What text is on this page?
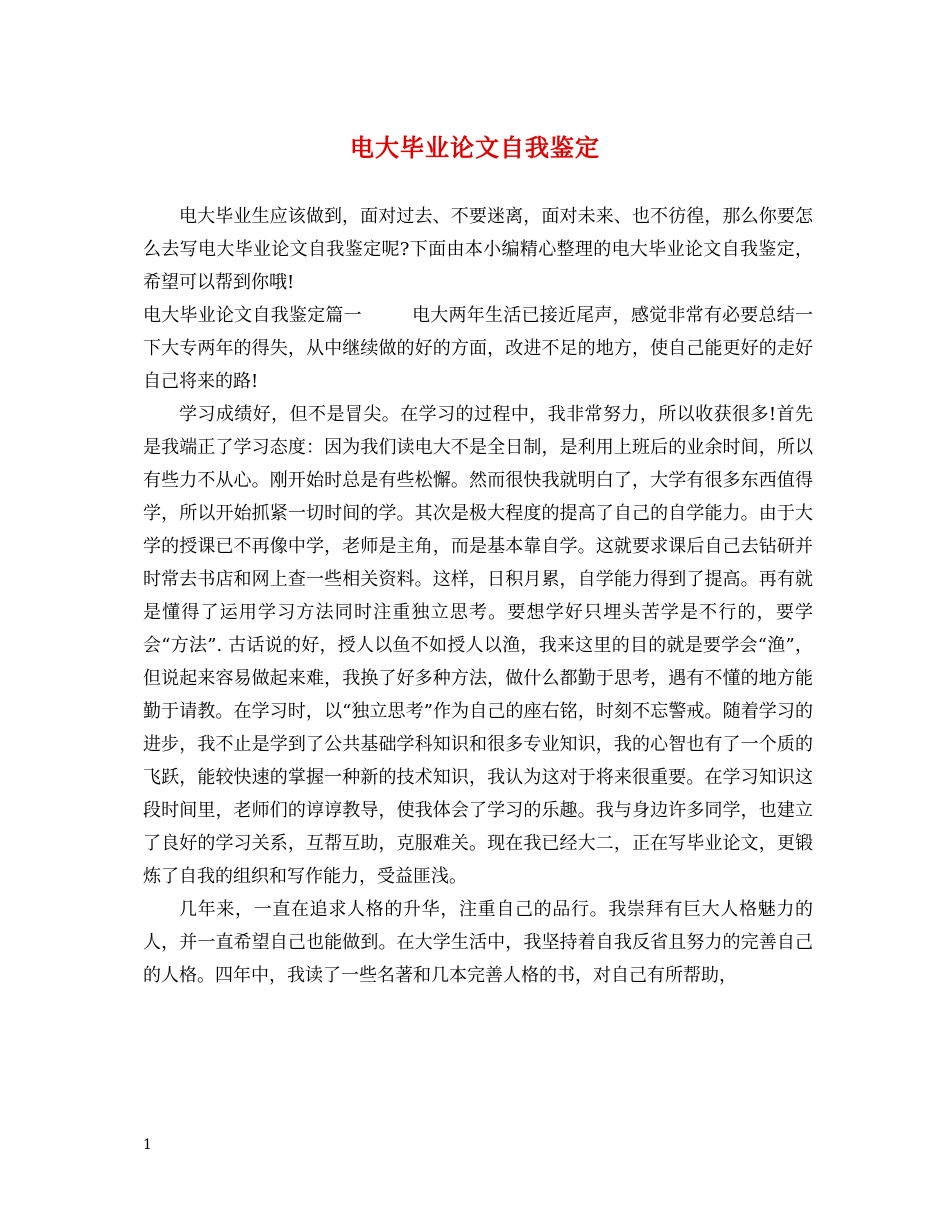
电大毕业论文自我鉴定

电大毕业生应该做到，面对过去、不要迷离，面对未来、也不彷徨，那么你要怎么去写电大毕业论文自我鉴定呢?下面由本小编精心整理的电大毕业论文自我鉴定，希望可以帮到你哦!

电大毕业论文自我鉴定篇一	电大两年生活已接近尾声，感觉非常有必要总结一下大专两年的得失，从中继续做的好的方面，改进不足的地方，使自己能更好的走好自己将来的路!

学习成绩好，但不是冒尖。在学习的过程中，我非常努力，所以收获很多!首先是我端正了学习态度：因为我们读电大不是全日制，是利用上班后的业余时间，所以有些力不从心。刚开始时总是有些松懈。然而很快我就明白了，大学有很多东西值得学，所以开始抓紧一切时间的学。其次是极大程度的提高了自己的自学能力。由于大学的授课已不再像中学，老师是主角，而是基本靠自学。这就要求课后自己去钻研并时常去书店和网上查一些相关资料。这样，日积月累，自学能力得到了提高。再有就是懂得了运用学习方法同时注重独立思考。要想学好只埋头苦学是不行的，要学会“方法”. 古话说的好，授人以鱼不如授人以渔，我来这里的目的就是要学会“渔”，但说起来容易做起来难，我换了好多种方法，做什么都勤于思考，遇有不懂的地方能勤于请教。在学习时，以“独立思考”作为自己的座右铭，时刻不忘警戒。随着学习的进步，我不止是学到了公共基础学科知识和很多专业知识，我的心智也有了一个质的飞跃，能较快速的掌握一种新的技术知识，我认为这对于将来很重要。在学习知识这段时间里，老师们的谆谆教导，使我体会了学习的乐趣。我与身边许多同学，也建立了良好的学习关系，互帮互助，克服难关。现在我已经大二，正在写毕业论文，更锻炼了自我的组织和写作能力，受益匪浅。

几年来，一直在追求人格的升华，注重自己的品行。我崇拜有巨大人格魅力的人，并一直希望自己也能做到。在大学生活中，我坚持着自我反省且努力的完善自己的人格。四年中，我读了一些名著和几本完善人格的书，对自己有所帮助，

1
